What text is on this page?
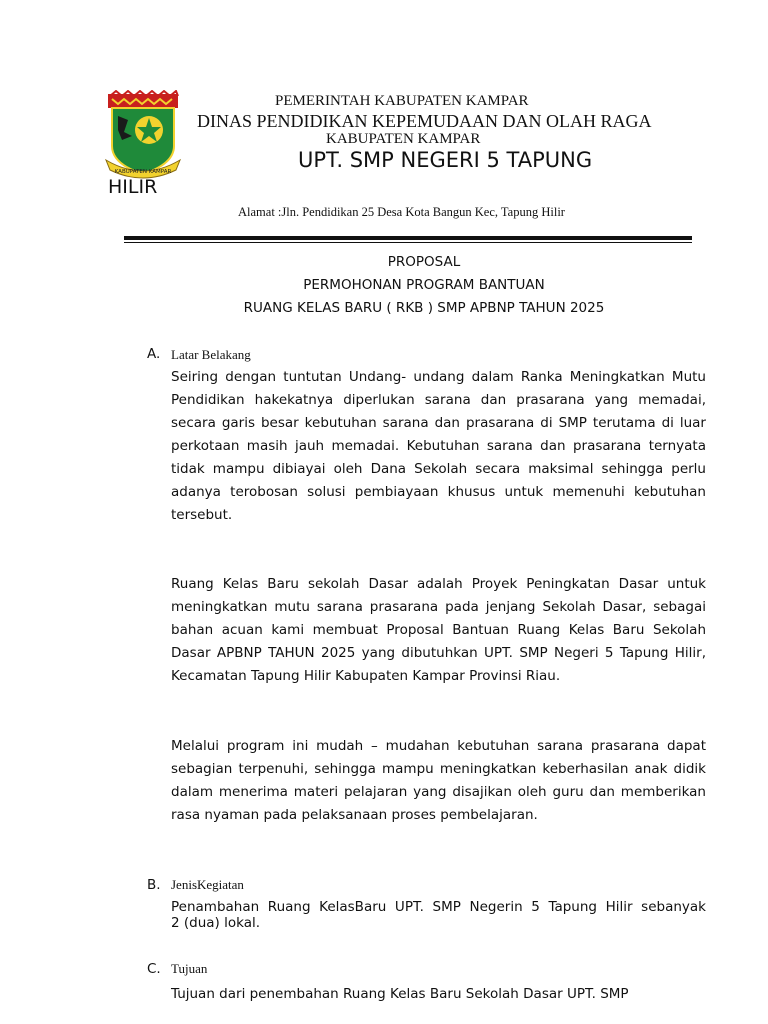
KABUPATEN KAMPAR
PEMERINTAH KABUPATEN KAMPAR
DINAS PENDIDIKAN KEPEMUDAAN DAN OLAH RAGA
KABUPATEN KAMPAR
UPT. SMP NEGERI 5 TAPUNG
HILIR
Alamat :Jln. Pendidikan 25 Desa Kota Bangun Kec, Tapung Hilir
PROPOSAL
PERMOHONAN PROGRAM BANTUAN
RUANG KELAS BARU ( RKB ) SMP APBNP TAHUN 2025
A. Latar Belakang
Seiring dengan tuntutan Undang- undang dalam Ranka Meningkatkan Mutu Pendidikan hakekatnya diperlukan sarana dan prasarana yang memadai, secara garis besar kebutuhan sarana dan prasarana di SMP terutama di luar perkotaan masih jauh memadai. Kebutuhan sarana dan prasarana ternyata tidak mampu dibiayai oleh Dana Sekolah secara maksimal sehingga perlu adanya terobosan solusi pembiayaan khusus untuk memenuhi kebutuhan tersebut.
Ruang Kelas Baru sekolah Dasar adalah Proyek Peningkatan Dasar untuk meningkatkan mutu sarana prasarana pada jenjang Sekolah Dasar, sebagai bahan acuan kami membuat Proposal Bantuan Ruang Kelas Baru Sekolah Dasar APBNP TAHUN 2025 yang dibutuhkan UPT. SMP Negeri 5 Tapung Hilir, Kecamatan Tapung Hilir Kabupaten Kampar Provinsi Riau.
Melalui program ini mudah – mudahan kebutuhan sarana prasarana dapat sebagian terpenuhi, sehingga mampu meningkatkan keberhasilan anak didik dalam menerima materi pelajaran yang disajikan oleh guru dan memberikan rasa nyaman pada pelaksanaan proses pembelajaran.
B. JenisKegiatan
Penambahan Ruang KelasBaru UPT. SMP Negerin 5 Tapung Hilir sebanyak        2 (dua) lokal.
C. Tujuan
Tujuan dari penembahan Ruang Kelas Baru Sekolah Dasar UPT. SMP
